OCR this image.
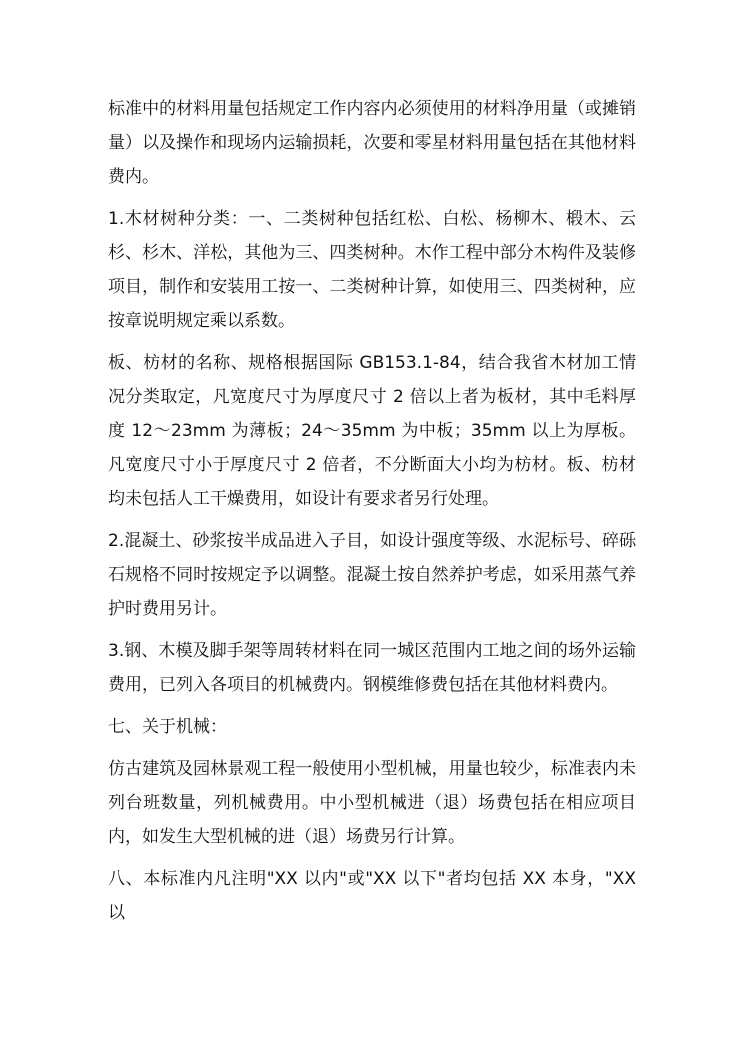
标准中的材料用量包括规定工作内容内必须使用的材料净用量（或摊销量）以及操作和现场内运输损耗，次要和零星材料用量包括在其他材料费内。

1.木材树种分类：一、二类树种包括红松、白松、杨柳木、椴木、云杉、杉木、洋松，其他为三、四类树种。木作工程中部分木构件及装修项目，制作和安装用工按一、二类树种计算，如使用三、四类树种，应按章说明规定乘以系数。

板、枋材的名称、规格根据国际 GB153.1-84，结合我省木材加工情况分类取定，凡宽度尺寸为厚度尺寸 2 倍以上者为板材，其中毛料厚度 12～23mm 为薄板；24～35mm 为中板；35mm 以上为厚板。凡宽度尺寸小于厚度尺寸 2 倍者，不分断面大小均为枋材。板、枋材均未包括人工干燥费用，如设计有要求者另行处理。

2.混凝土、砂浆按半成品进入子目，如设计强度等级、水泥标号、碎砾石规格不同时按规定予以调整。混凝土按自然养护考虑，如采用蒸气养护时费用另计。

3.钢、木模及脚手架等周转材料在同一城区范围内工地之间的场外运输费用，已列入各项目的机械费内。钢模维修费包括在其他材料费内。

七、关于机械：

仿古建筑及园林景观工程一般使用小型机械，用量也较少，标准表内未列台班数量，列机械费用。中小型机械进（退）场费包括在相应项目内，如发生大型机械的进（退）场费另行计算。

八、本标准内凡注明"XX 以内"或"XX 以下"者均包括 XX 本身，"XX 以
